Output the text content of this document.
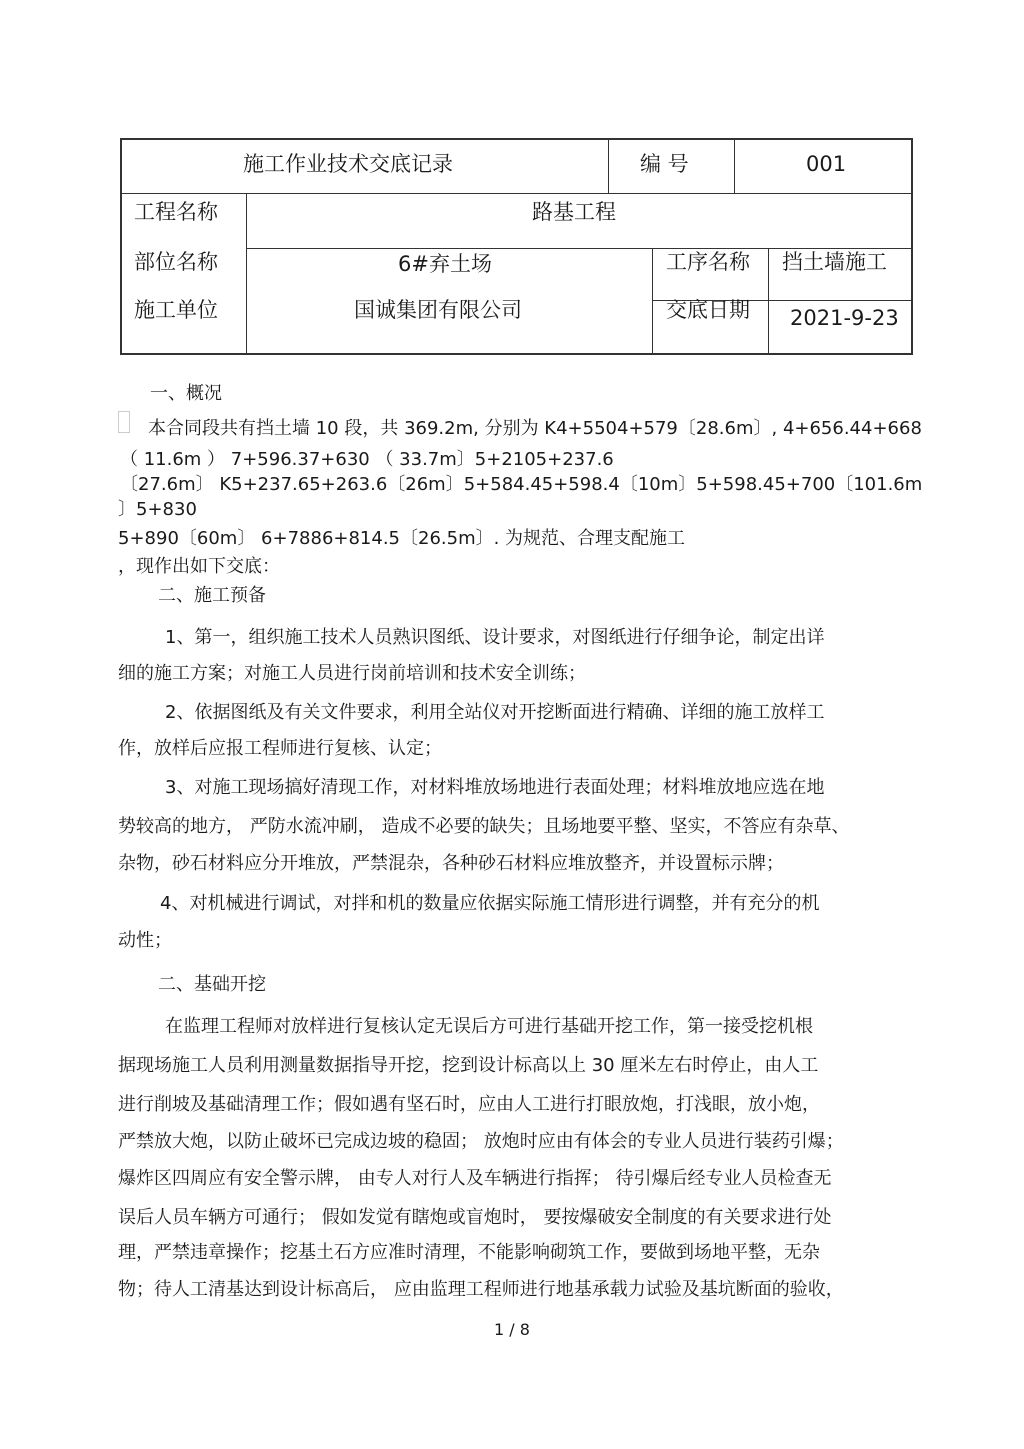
施工作业技术交底记录	编 号	001
工程名称	路基工程
部位名称	6#弃土场	工序名称 挡土墙施工
施工单位	国诚集团有限公司	交底日期 2021-9-23
一、概况
本合同段共有挡土墙 10 段，共 369.2m, 分别为 K4+5504+579〔28.6m〕, 4+656.44+668
（ 11.6m ） 7+596.37+630 （ 33.7m〕5+2105+237.6
〔27.6m〕 K5+237.65+263.6〔26m〕5+584.45+598.4〔10m〕5+598.45+700〔101.6m
〕5+830
5+890〔60m〕 6+7886+814.5〔26.5m〕. 为规范、合理支配施工
，现作出如下交底：
二、施工预备
1、第一，组织施工技术人员熟识图纸、设计要求，对图纸进行仔细争论，制定出详
细的施工方案；对施工人员进行岗前培训和技术安全训练；
2、依据图纸及有关文件要求，利用全站仪对开挖断面进行精确、详细的施工放样工
作，放样后应报工程师进行复核、认定；
3、对施工现场搞好清现工作，对材料堆放场地进行表面处理；材料堆放地应选在地
势较高的地方， 严防水流冲刷， 造成不必要的缺失；且场地要平整、坚实，不答应有杂草、
杂物，砂石材料应分开堆放，严禁混杂，各种砂石材料应堆放整齐，并设置标示牌；
4、对机械进行调试，对拌和机的数量应依据实际施工情形进行调整，并有充分的机
动性；
二、基础开挖
在监理工程师对放样进行复核认定无误后方可进行基础开挖工作，第一接受挖机根
据现场施工人员利用测量数据指导开挖，挖到设计标高以上 30 厘米左右时停止，由人工
进行削坡及基础清理工作；假如遇有坚石时，应由人工进行打眼放炮，打浅眼，放小炮，
严禁放大炮，以防止破坏已完成边坡的稳固； 放炮时应由有体会的专业人员进行装药引爆；
爆炸区四周应有安全警示牌， 由专人对行人及车辆进行指挥； 待引爆后经专业人员检查无
误后人员车辆方可通行； 假如发觉有瞎炮或盲炮时， 要按爆破安全制度的有关要求进行处
理，严禁违章操作；挖基土石方应准时清理，不能影响砌筑工作，要做到场地平整，无杂
物；待人工清基达到设计标高后， 应由监理工程师进行地基承载力试验及基坑断面的验收，
1 / 8
